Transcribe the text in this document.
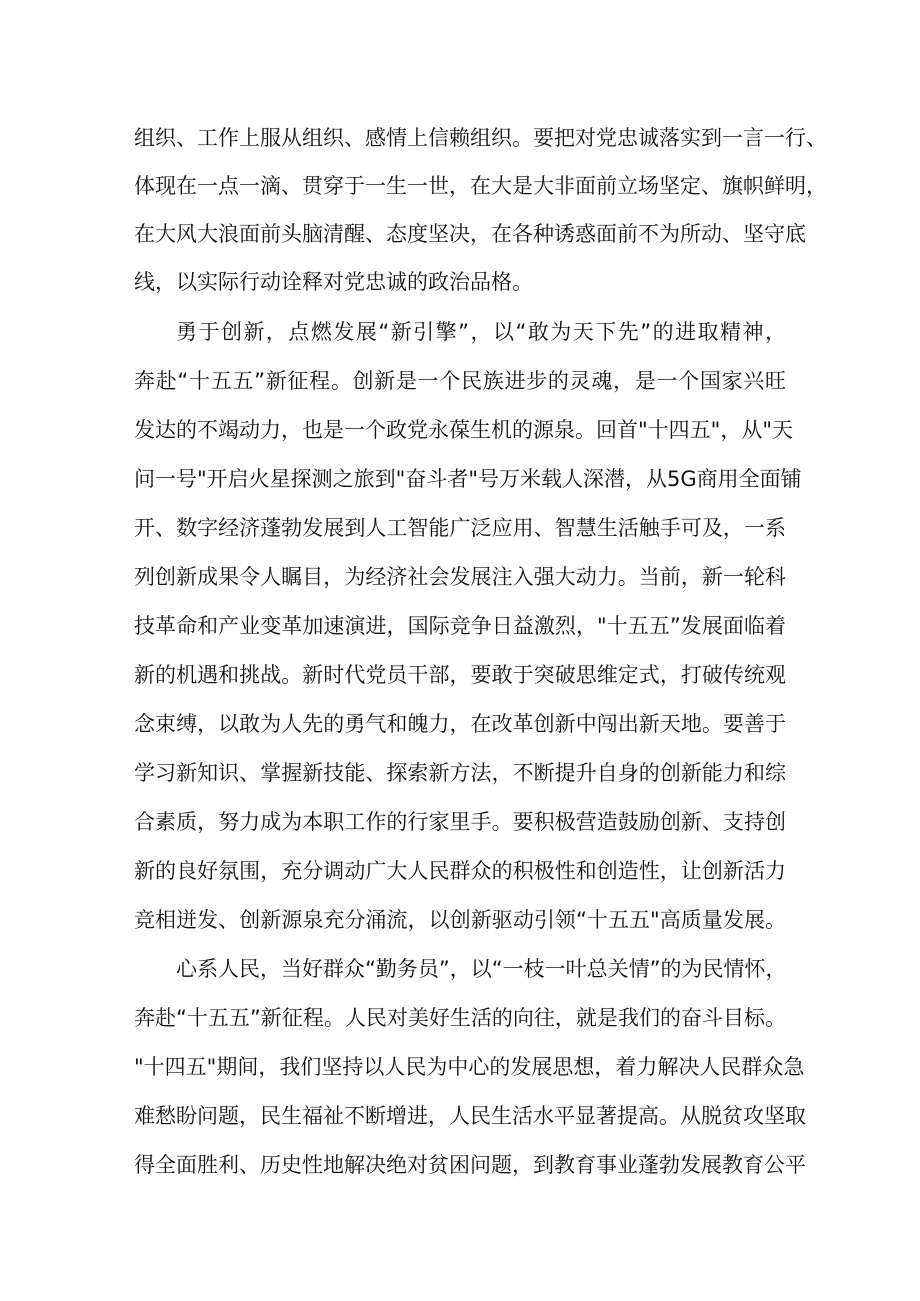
组织、工作上服从组织、感情上信赖组织。要把对党忠诚落实到一言一行、
体现在一点一滴、贯穿于一生一世，在大是大非面前立场坚定、旗帜鲜明，
在大风大浪面前头脑清醒、态度坚决，在各种诱惑面前不为所动、坚守底
线，以实际行动诠释对党忠诚的政治品格。
勇于创新，点燃发展“新引擎”，以“敢为天下先”的进取精神，
奔赴“十五五”新征程。创新是一个民族进步的灵魂，是一个国家兴旺
发达的不竭动力，也是一个政党永葆生机的源泉。回首"十四五"，从"天
问一号"开启火星探测之旅到"奋斗者"号万米载人深潜，从5G商用全面铺
开、数字经济蓬勃发展到人工智能广泛应用、智慧生活触手可及，一系
列创新成果令人瞩目，为经济社会发展注入强大动力。当前，新一轮科
技革命和产业变革加速演进，国际竞争日益激烈，"十五五”发展面临着
新的机遇和挑战。新时代党员干部，要敢于突破思维定式，打破传统观
念束缚，以敢为人先的勇气和魄力，在改革创新中闯出新天地。要善于
学习新知识、掌握新技能、探索新方法，不断提升自身的创新能力和综
合素质，努力成为本职工作的行家里手。要积极营造鼓励创新、支持创
新的良好氛围，充分调动广大人民群众的积极性和创造性，让创新活力
竞相迸发、创新源泉充分涌流，以创新驱动引领“十五五"高质量发展。
心系人民，当好群众“勤务员”，以“一枝一叶总关情”的为民情怀，
奔赴“十五五”新征程。人民对美好生活的向往，就是我们的奋斗目标。
"十四五"期间，我们坚持以人民为中心的发展思想，着力解决人民群众急
难愁盼问题，民生福祉不断增进，人民生活水平显著提高。从脱贫攻坚取
得全面胜利、历史性地解决绝对贫困问题，到教育事业蓬勃发展教育公平
